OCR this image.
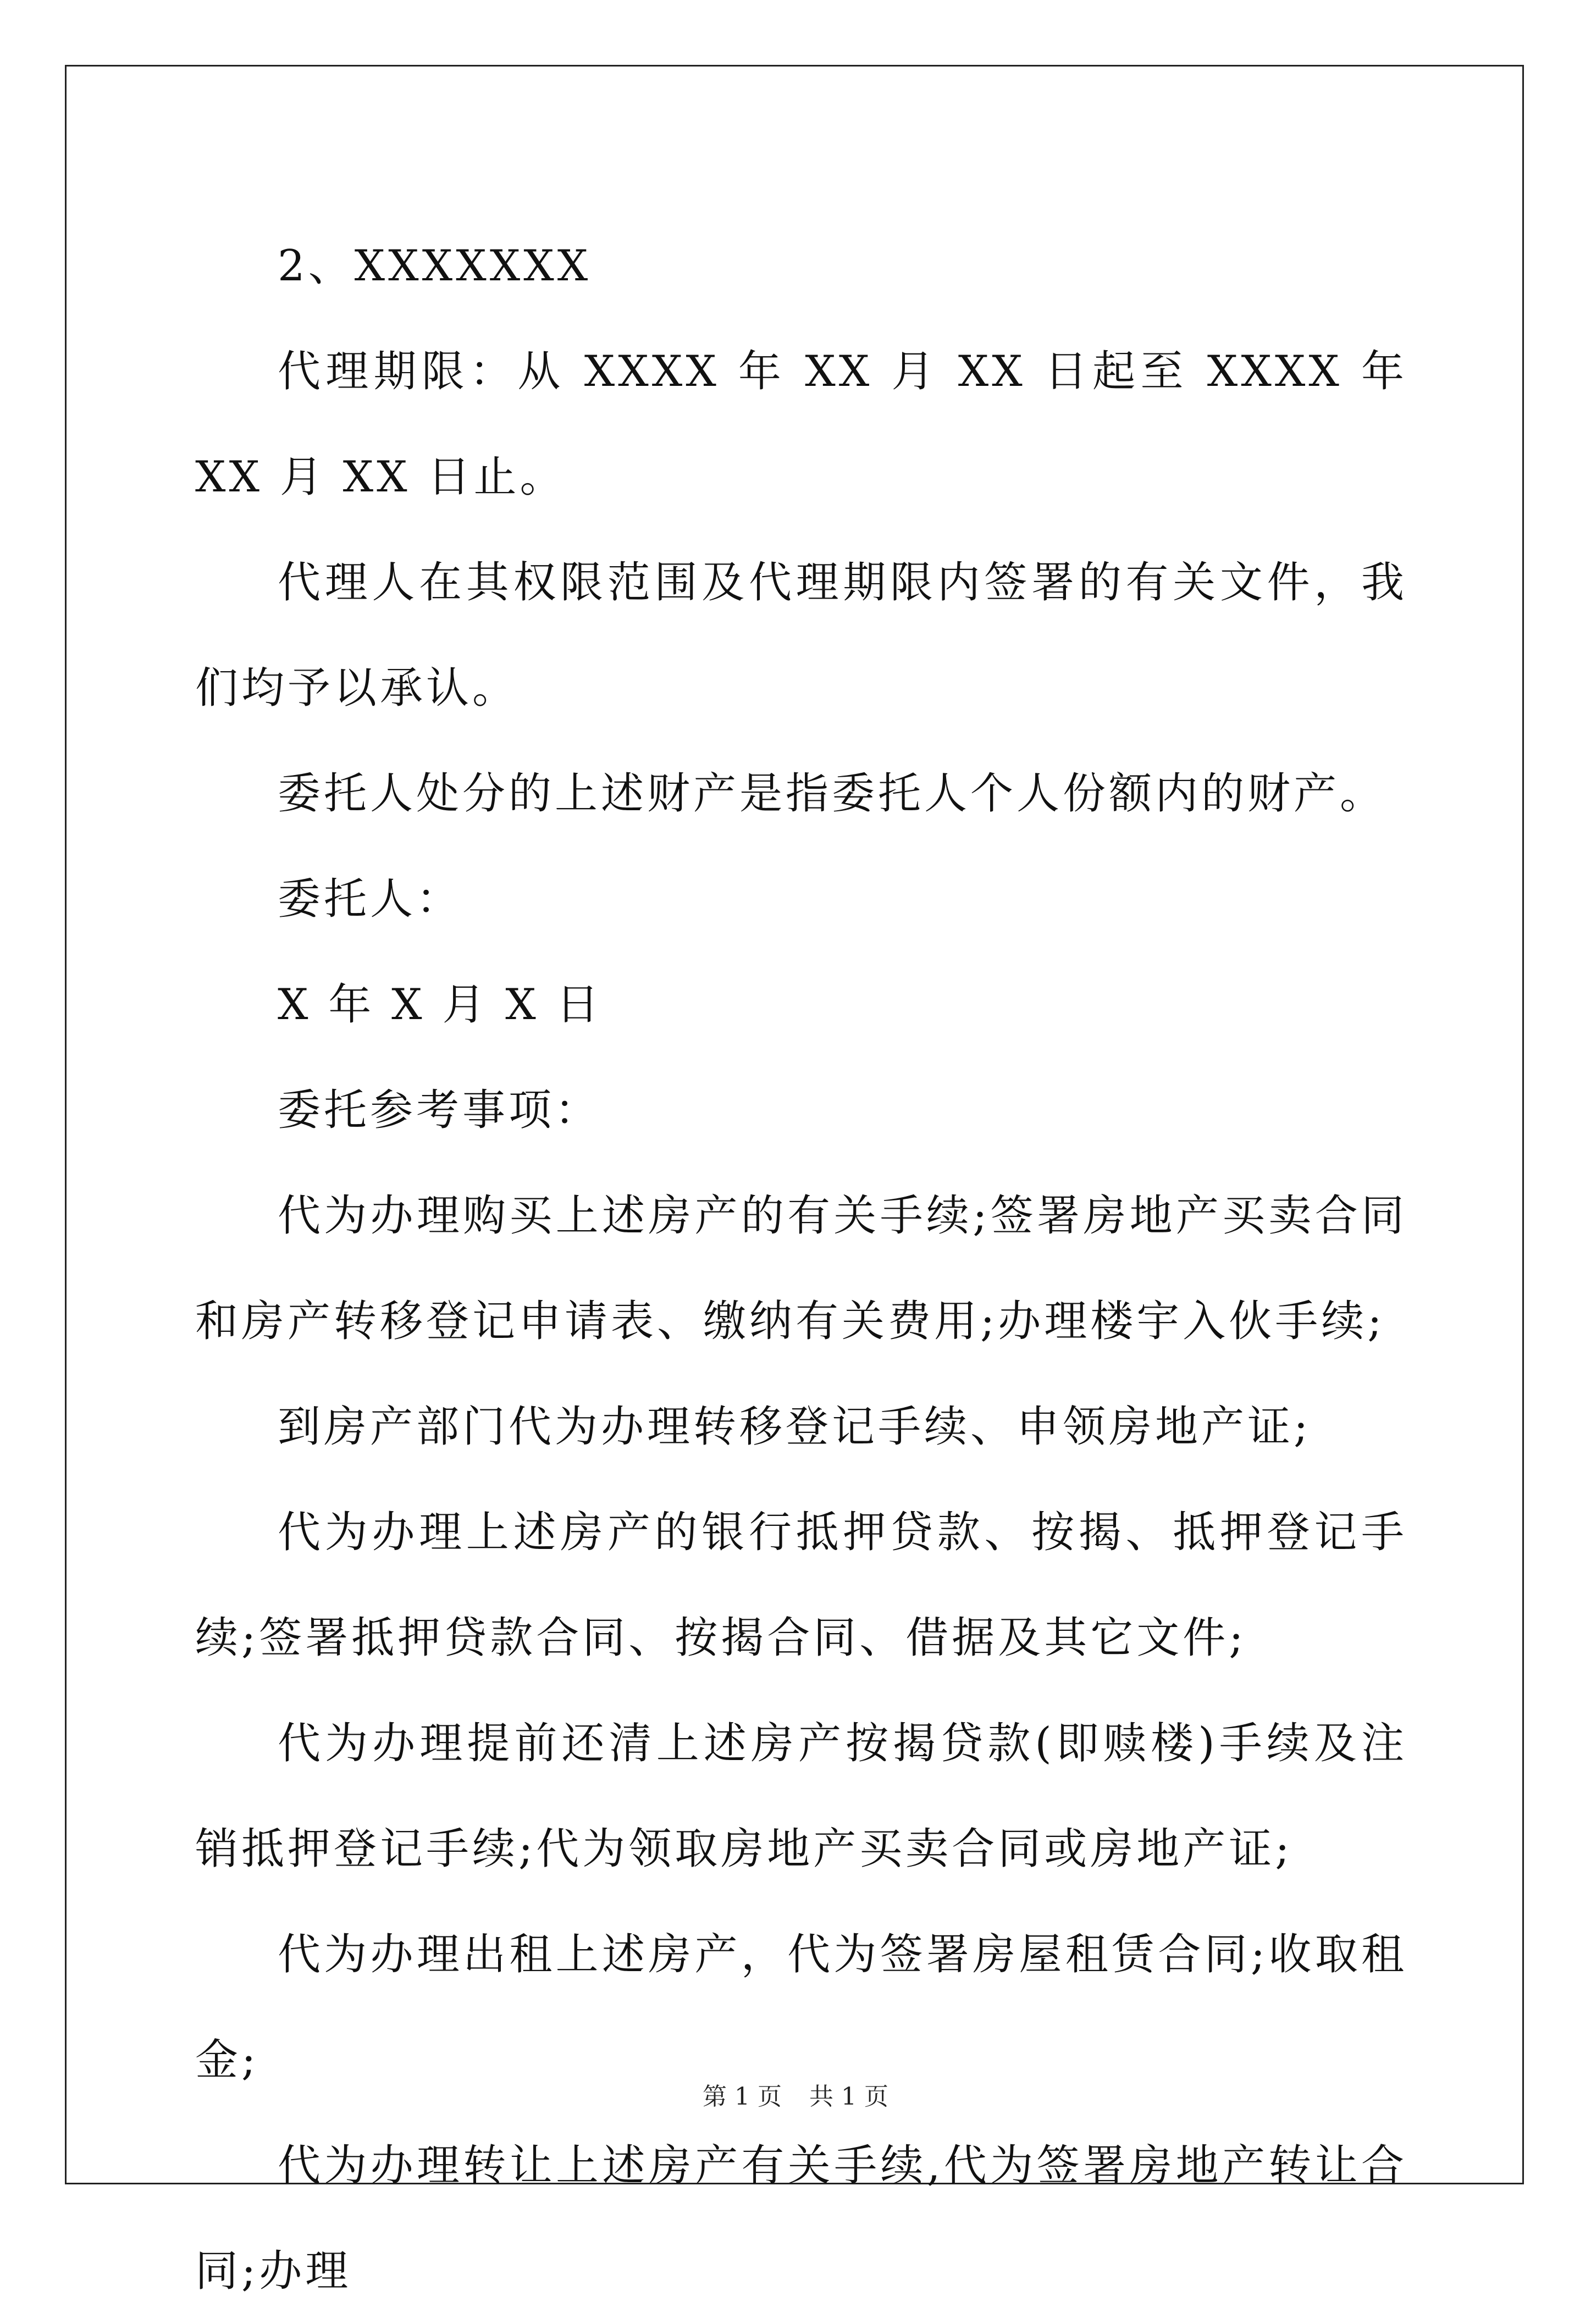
2、XXXXXXX

代理期限：从 XXXX 年 XX 月 XX 日起至 XXXX 年 XX 月 XX 日止。

代理人在其权限范围及代理期限内签署的有关文件，我们均予以承认。

委托人处分的上述财产是指委托人个人份额内的财产。

委托人：

X 年 X 月 X 日

委托参考事项：

代为办理购买上述房产的有关手续;签署房地产买卖合同和房产转移登记申请表、缴纳有关费用;办理楼宇入伙手续;

到房产部门代为办理转移登记手续、申领房地产证;

代为办理上述房产的银行抵押贷款、按揭、抵押登记手续;签署抵押贷款合同、按揭合同、借据及其它文件;

代为办理提前还清上述房产按揭贷款(即赎楼)手续及注销抵押登记手续;代为领取房地产买卖合同或房地产证;

代为办理出租上述房产，代为签署房屋租赁合同;收取租金;

代为办理转让上述房产有关手续,代为签署房地产转让合同;办理

第 1 页 共 1 页
